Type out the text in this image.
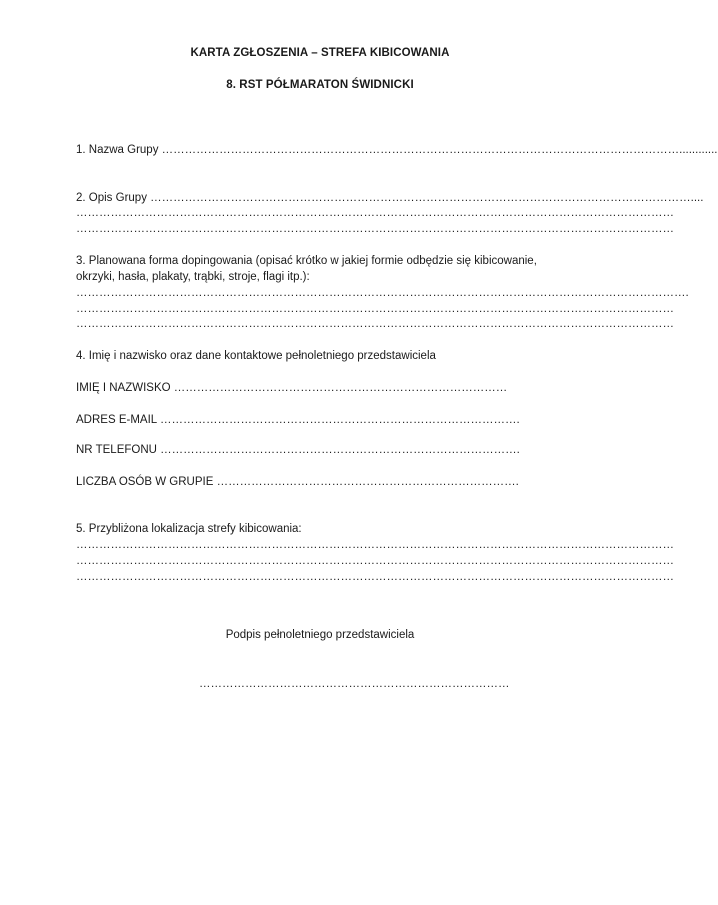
KARTA ZGŁOSZENIA – STREFA KIBICOWANIA
8. RST PÓŁMARATON ŚWIDNICKI
1. Nazwa Grupy ………………………………………………………………………………………………………………………............
2. Opis Grupy ……………………………………………………………………………………………………………………………....
…………………………………………………………………………………………………………………………………………
…………………………………………………………………………………………………………………………………………
3. Planowana forma dopingowania (opisać krótko w jakiej formie odbędzie się kibicowanie,
okrzyki, hasła, plakaty, trąbki, stroje, flagi itp.):
…………………………………………………………………………………………………………………………………………….
…………………………………………………………………………………………………………………………………………
…………………………………………………………………………………………………………………………………………
4. Imię i nazwisko oraz dane kontaktowe pełnoletniego przedstawiciela
IMIĘ I NAZWISKO ……………………………………………………………………………
ADRES E-MAIL ………………………………………………………………………………….
NR TELEFONU ………………………………………………………………………………….
LICZBA OSÓB W GRUPIE …………………………………………………………………….
5. Przybliżona lokalizacja strefy kibicowania:
…………………………………………………………………………………………………………………………………………
…………………………………………………………………………………………………………………………………………
…………………………………………………………………………………………………………………………………………
Podpis pełnoletniego przedstawiciela
………………………………………………………………………
